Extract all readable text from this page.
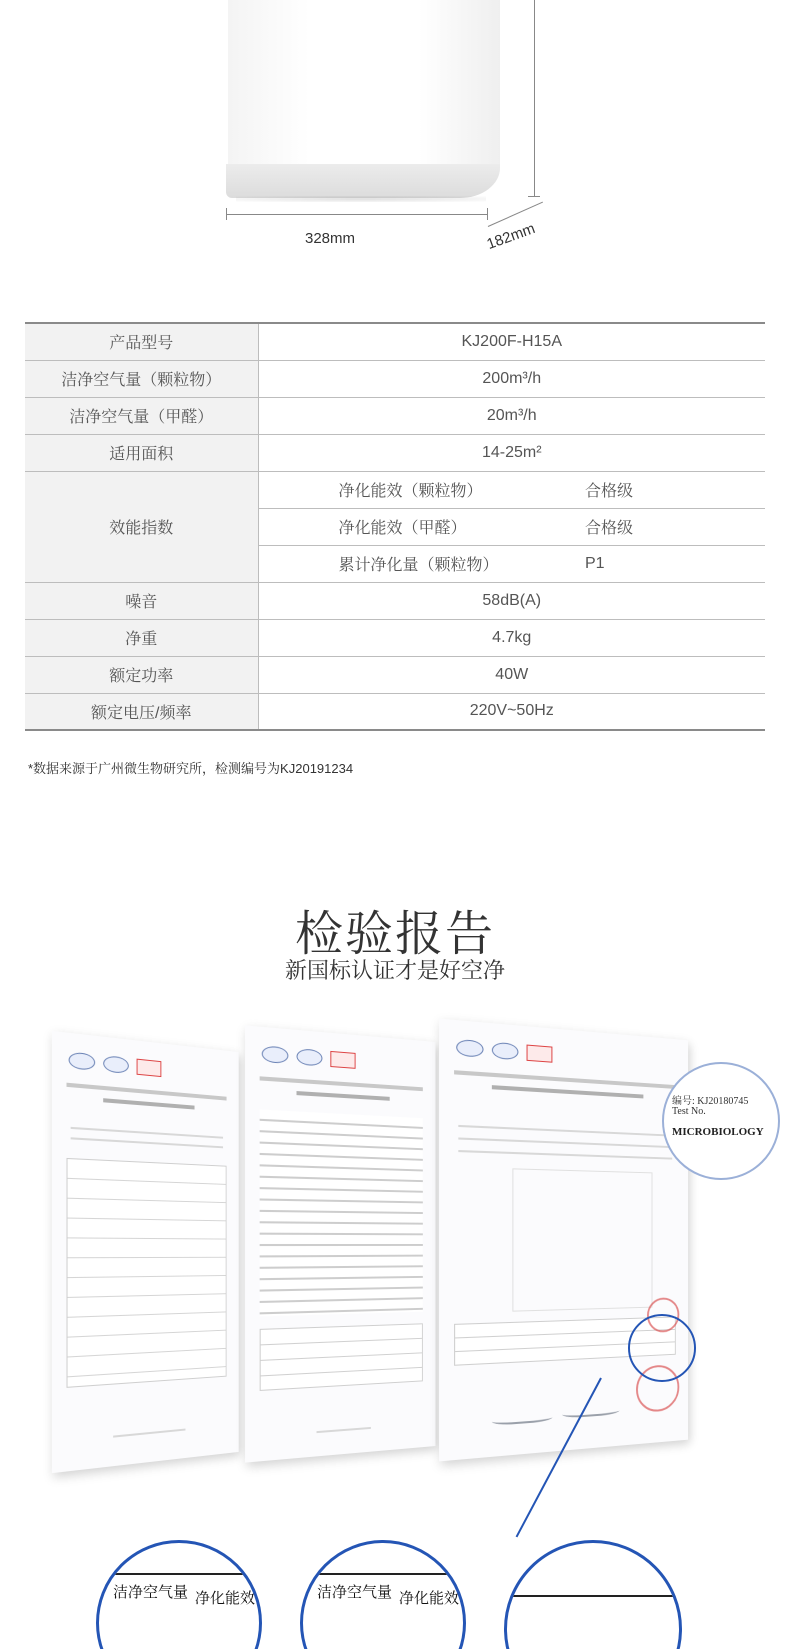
328mm	182mm
产品型号	KJ200F-H15A	
洁净空气量（颗粒物）	200m³/h	
洁净空气量（甲醛）	20m³/h	
适用面积	14-25m²	
效能指数	净化能效（颗粒物）	合格级
	净化能效（甲醛）	合格级
	累计净化量（颗粒物）	P1
噪音	58dB(A)	
净重	4.7kg	
额定功率	40W	
额定电压/频率	220V~50Hz	
*数据来源于广州微生物研究所，检测编号为KJ20191234
检验报告
新国标认证才是好空净
编号: KJ20180745
Test No.
MICROBIOLOGY
洁净空气量 净化能效	洁净空气量 净化能效
